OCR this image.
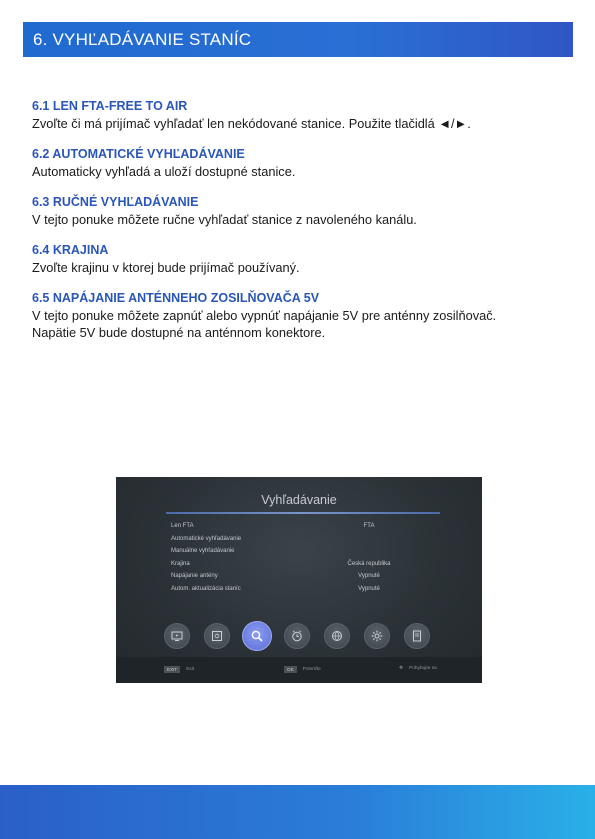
6. VYHĽADÁVANIE STANÍC
6.1 LEN FTA-FREE TO AIR
Zvoľte či má prijímač vyhľadať len nekódované stanice. Použite tlačidlá ◄/►.
6.2 AUTOMATICKÉ VYHĽADÁVANIE
Automaticky vyhľadá a uloží dostupné stanice.
6.3 RUČNÉ VYHĽADÁVANIE
V tejto ponuke môžete ručne vyhľadať stanice z navoleného kanálu.
6.4 KRAJINA
Zvoľte krajinu v ktorej bude prijímač používaný.
6.5 NAPÁJANIE ANTÉNNEHO ZOSILŇOVAČA 5V
V tejto ponuke môžete zapnúť alebo vypnúť napájanie 5V pre anténny zosilňovač.
Napätie 5V bude dostupné na anténnom konektore.
Vyhľadávanie
Len FTA	FTA
Automatické vyhľadávanie
Manuálne vyhľadávanie
Krajina	Česká republika
Napájanie antény	Vypnuté
Autom. aktualizácia staníc	Vypnuté
EXIT	Exit	OK	Potvrďte	✥ Pohybujte sa
